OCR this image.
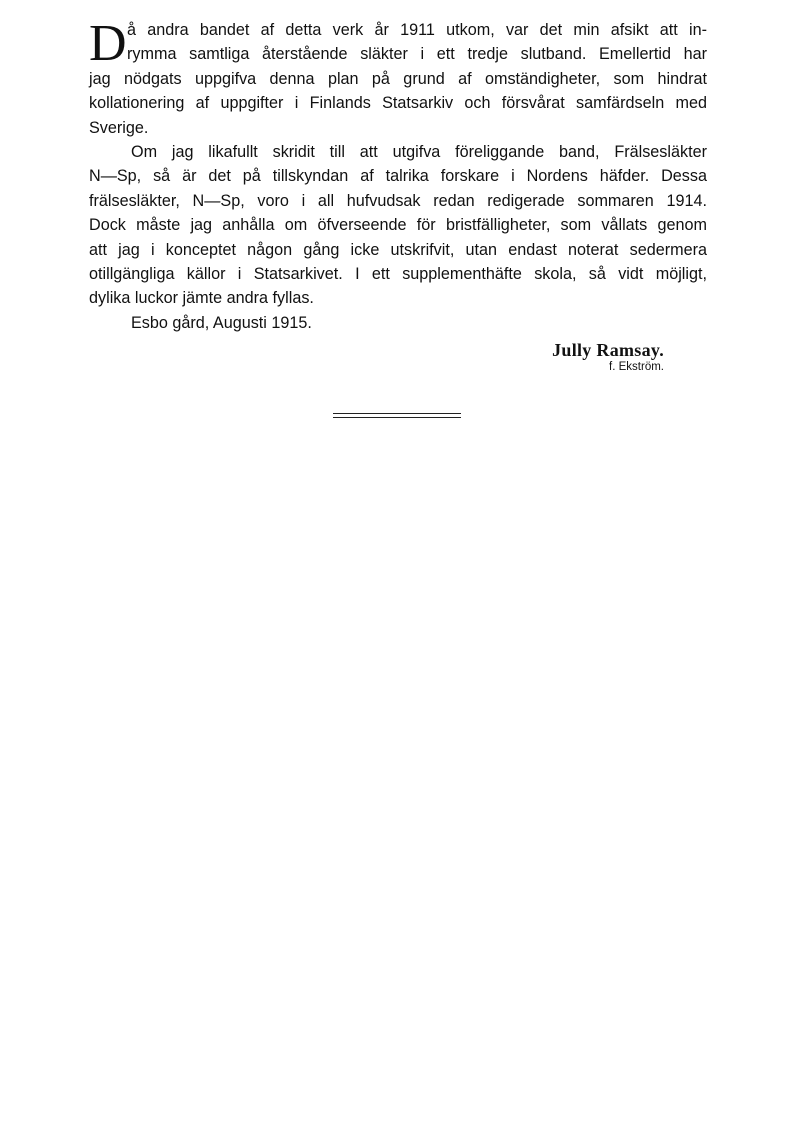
D å andra bandet af detta verk år 1911 utkom, var det min afsikt att in-
rymma samtliga återstående släkter i ett tredje slutband. Emellertid har
jag nödgats uppgifva denna plan på grund af omständigheter, som hindrat
kollationering af uppgifter i Finlands Statsarkiv och försvårat samfärdseln med
Sverige.
Om jag likafullt skridit till att utgifva föreliggande band, Frälsesläkter
N—Sp, så är det på tillskyndan af talrika forskare i Nordens häfder. Dessa
frälsesläkter, N—Sp, voro i all hufvudsak redan redigerade sommaren 1914.
Dock måste jag anhålla om öfverseende för bristfälligheter, som vållats genom
att jag i konceptet någon gång icke utskrifvit, utan endast noterat sedermera
otillgängliga källor i Statsarkivet. I ett supplementhäfte skola, så vidt möjligt,
dylika luckor jämte andra fyllas.
Esbo gård, Augusti 1915.
Jully Ramsay.
f. Ekström.
